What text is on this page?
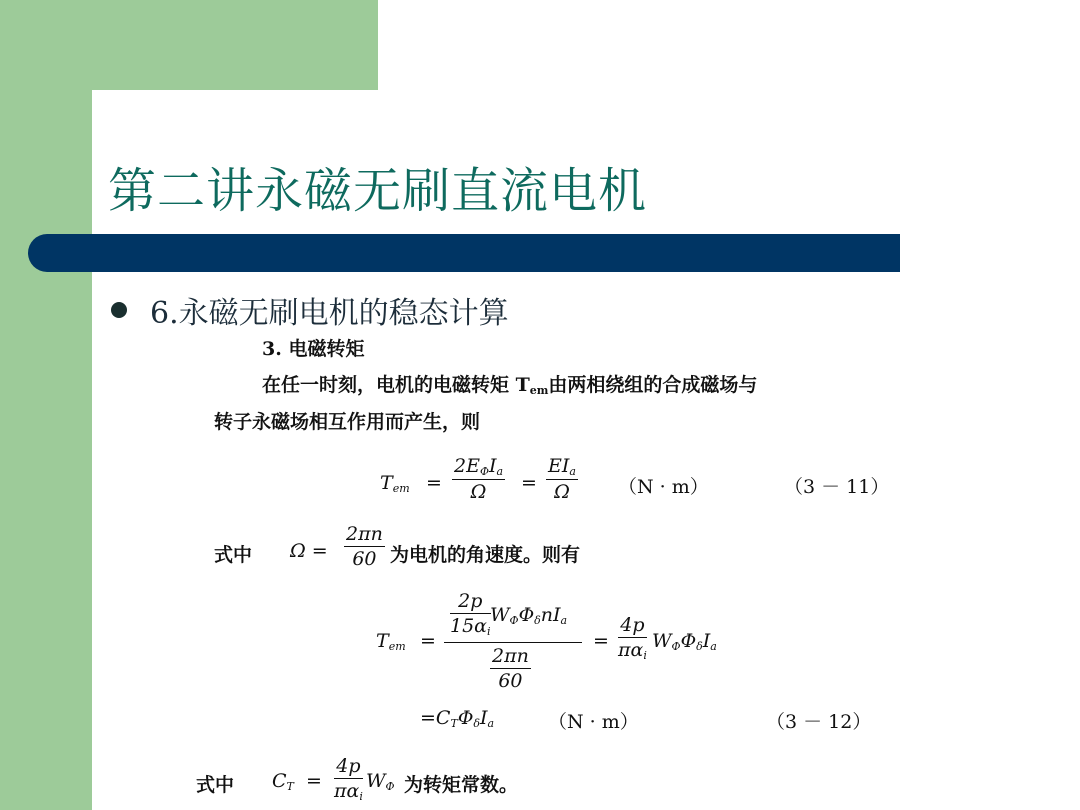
第二讲永磁无刷直流电机
6.永磁无刷电机的稳态计算
3. 电磁转矩
在任一时刻，电机的电磁转矩 $T_{em}$由两相绕组的合成磁场与
转子永磁场相互作用而产生，则
$T_{em}$ =
$2E_\Phi I_a$
Ω	=
$EI_a$
Ω	（N · m）	（3 － 11）
式中 $\Omega = \frac{2\pi n}{60}$ 为电机的角速度。则有
$\frac{2p}{15\alpha_i} W_\Phi\Phi_\delta nI_a$
$T_{em}$ =
$\frac{2\pi n}{60}$
=
4p
$\pi\alpha_i$
$W_\Phi\Phi_\delta I_a$
$=C_T\Phi_\delta I_a$	（N · m）	（3 － 12）
式中 $C_T$ =
4p
$\pi\alpha_i$
$W_\Phi$ 为转矩常数。
